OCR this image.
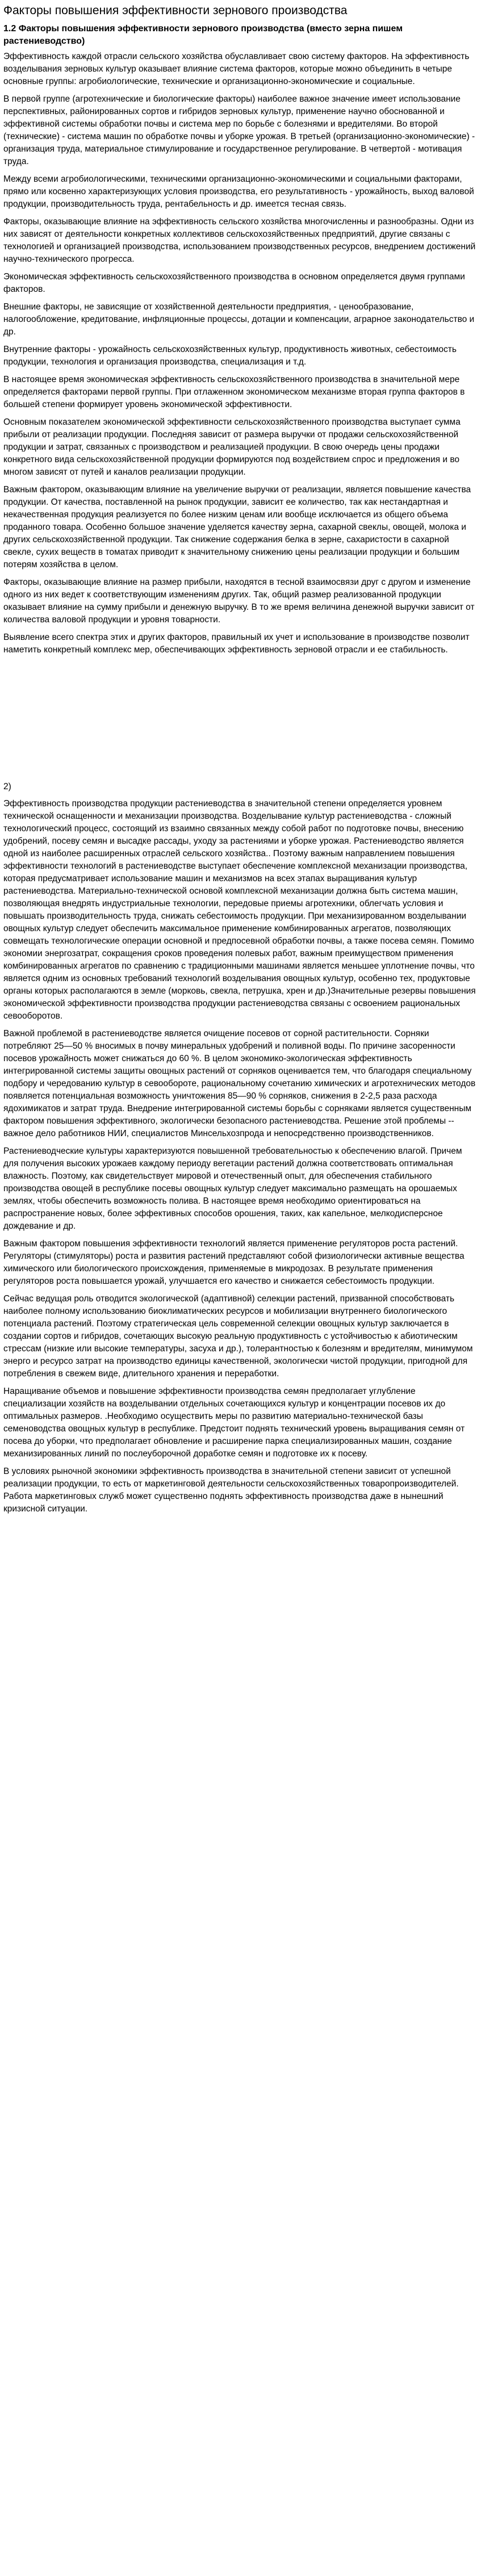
Факторы повышения эффективности зернового производства
1.2 Факторы повышения эффективности зернового производства (вместо зерна пишем растениеводство)

Эффективность каждой отрасли сельского хозяйства обуславливает свою систему факторов. На эффективность возделывания зерновых культур оказывает влияние система факторов, которые можно объединить в четыре основные группы: агробиологические, технические и организационно-экономические и социальные.

В первой группе (агротехнические и биологические факторы) наиболее важное значение имеет использование перспективных, районированных сортов и гибридов зерновых культур, применение научно обоснованной и эффективной системы обработки почвы и система мер по борьбе с болезнями и вредителями. Во второй (технические) - система машин по обработке почвы и уборке урожая. В третьей (организационно-экономические) - организация труда, материальное стимулирование и государственное регулирование. В четвертой - мотивация труда.

Между всеми агробиологическими, техническими организационно-экономическими и социальными факторами, прямо или косвенно характеризующих условия производства, его результативность - урожайность, выход валовой продукции, производительность труда, рентабельность и др. имеется тесная связь.

Факторы, оказывающие влияние на эффективность сельского хозяйства многочисленны и разнообразны. Одни из них зависят от деятельности конкретных коллективов сельскохозяйственных предприятий, другие связаны с технологией и организацией производства, использованием производственных ресурсов, внедрением достижений научно-технического прогресса.

Экономическая эффективность сельскохозяйственного производства в основном определяется двумя группами факторов.

Внешние факторы, не зависящие от хозяйственной деятельности предприятия, - ценообразование, налогообложение, кредитование, инфляционные процессы, дотации и компенсации, аграрное законодательство и др.

Внутренние факторы - урожайность сельскохозяйственных культур, продуктивность животных, себестоимость продукции, технология и организация производства, специализация и т.д.

В настоящее время экономическая эффективность сельскохозяйственного производства в значительной мере определяется факторами первой группы. При отлаженном экономическом механизме вторая группа факторов в большей степени формирует уровень экономической эффективности.

Основным показателем экономической эффективности сельскохозяйственного производства выступает сумма прибыли от реализации продукции. Последняя зависит от размера выручки от продажи сельскохозяйственной продукции и затрат, связанных с производством и реализацией продукции. В свою очередь цены продажи конкретного вида сельскохозяйственной продукции формируются под воздействием спрос и предложения и во многом зависят от путей и каналов реализации продукции.

Важным фактором, оказывающим влияние на увеличение выручки от реализации, является повышение качества продукции. От качества, поставленной на рынок продукции, зависит ее количество, так как нестандартная и некачественная продукция реализуется по более низким ценам или вообще исключается из общего объема проданного товара. Особенно большое значение уделяется качеству зерна, сахарной свеклы, овощей, молока и других сельскохозяйственной продукции. Так снижение содержания белка в зерне, сахаристости в сахарной свекле, сухих веществ в томатах приводит к значительному снижению цены реализации продукции и большим потерям хозяйства в целом.

Факторы, оказывающие влияние на размер прибыли, находятся в тесной взаимосвязи друг с другом и изменение одного из них ведет к соответствующим изменениям других. Так, общий размер реализованной продукции оказывает влияние на сумму прибыли и денежную выручку. В то же время величина денежной выручки зависит от количества валовой продукции и уровня товарности.

Выявление всего спектра этих и других факторов, правильный их учет и использование в производстве позволит наметить конкретный комплекс мер, обеспечивающих эффективность зерновой отрасли и ее стабильность.

2)

Эффективность производства продукции растениеводства в значительной степени определяется уровнем технической оснащенности и механизации производства. Возделывание культур растениеводства - сложный технологический процесс, состоящий из взаимно связанных между собой работ по подготовке почвы, внесению удобрений, посеву семян и высадке рассады, уходу за растениями и уборке урожая. Растениеводство является одной из наиболее расширенных отраслей сельского хозяйства.. Поэтому важным направлением повышения эффективности технологий в растениеводстве выступает обеспечение комплексной механизации производства, которая предусматривает использование машин и механизмов на всех этапах выращивания культур растениеводства. Материально-технической основой комплексной механизации должна быть система машин, позволяющая внедрять индустриальные технологии, передовые приемы агротехники, облегчать условия и повышать производительность труда, снижать себестоимость продукции. При механизированном возделывании овощных культур следует обеспечить максимальное применение комбинированных агрегатов, позволяющих совмещать технологические операции основной и предпосевной обработки почвы, а также посева семян. Помимо экономии энергозатрат, сокращения сроков проведения полевых работ, важным преимуществом применения комбинированных агрегатов по сравнению с традиционными машинами является меньшее уплотнение почвы, что является одним из основных требований технологий возделывания овощных культур, особенно тех, продуктовые органы которых располагаются в земле (морковь, свекла, петрушка, хрен и др.)Значительные резервы повышения экономической эффективности производства продукции растениеводства связаны с освоением рациональных севооборотов.

Важной проблемой в растениеводстве является очищение посевов от сорной растительности. Сорняки потребляют 25—50 % вносимых в почву минеральных удобрений и поливной воды. По причине засоренности посевов урожайность может снижаться до 60 %. В целом экономико-экологическая эффективность интегрированной системы защиты овощных растений от сорняков оценивается тем, что благодаря специальному подбору и чередованию культур в севообороте, рациональному сочетанию химических и агротехнических методов появляется потенциальная возможность уничтожения 85—90 % сорняков, снижения в 2-2,5 раза расхода ядохимикатов и затрат труда. Внедрение интегрированной системы борьбы с сорняками является существенным фактором повышения эффективного, экологически безопасного растениеводства. Решение этой проблемы -- важное дело работников НИИ, специалистов Минсельхозпрода и непосредственно производственников.

Растениеводческие культуры характеризуются повышенной требовательностью к обеспечению влагой. Причем для получения высоких урожаев каждому периоду вегетации растений должна соответствовать оптимальная влажность. Поэтому, как свидетельствует мировой и отечественный опыт, для обеспечения стабильного производства овощей в республике посевы овощных культур следует максимально размещать на орошаемых землях, чтобы обеспечить возможность полива. В настоящее время необходимо ориентироваться на распространение новых, более эффективных способов орошения, таких, как капельное, мелкодисперсное дождевание и др.

Важным фактором повышения эффективности технологий является применение регуляторов роста растений. Регуляторы (стимуляторы) роста и развития растений представляют собой физиологически активные вещества химического или биологического происхождения, применяемые в микродозах. В результате применения регуляторов роста повышается урожай, улучшается его качество и снижается себестоимость продукции.

Сейчас ведущая роль отводится экологической (адаптивной) селекции растений, призванной способствовать наиболее полному использованию биоклиматических ресурсов и мобилизации внутреннего биологического потенциала растений. Поэтому стратегическая цель современной селекции овощных культур заключается в создании сортов и гибридов, сочетающих высокую реальную продуктивность с устойчивостью к абиотическим стрессам (низкие или высокие температуры, засуха и др.), толерантностью к болезням и вредителям, минимумом энерго и ресурсо затрат на производство единицы качественной, экологически чистой продукции, пригодной для потребления в свежем виде, длительного хранения и переработки.

Наращивание объемов и повышение эффективности производства семян предполагает углубление специализации хозяйств на возделывании отдельных сочетающихся культур и концентрации посевов их до оптимальных размеров. .Необходимо осуществить меры по развитию материально-технической базы семеноводства овощных культур в республике. Предстоит поднять технический уровень выращивания семян от посева до уборки, что предполагает обновление и расширение парка специализированных машин, создание механизированных линий по послеуборочной доработке семян и подготовке их к посеву.

В условиях рыночной экономики эффективность производства в значительной степени зависит от успешной реализации продукции, то есть от маркетинговой деятельности сельскохозяйственных товаропроизводителей. Работа маркетинговых служб может существенно поднять эффективность производства даже в нынешний кризисной ситуации.
